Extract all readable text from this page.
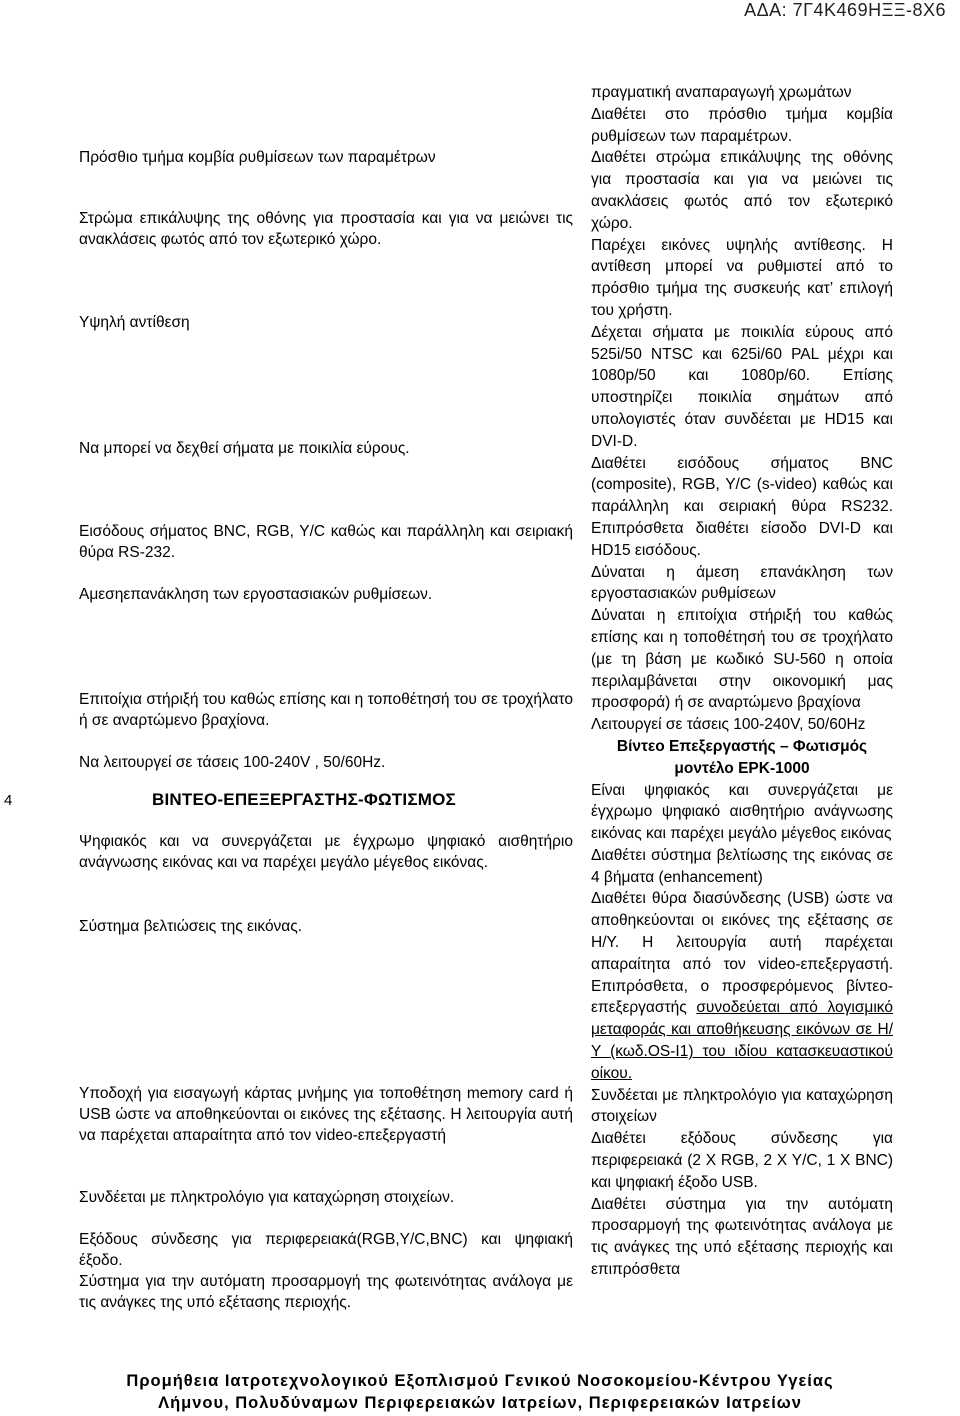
ΑΔΑ: 7Γ4Κ469ΗΞΞ-8Χ6
4
Πρόσθιο τμήμα κομβία ρυθμίσεων των παραμέτρων
Στρώμα επικάλυψης της οθόνης για προστασία και για να μειώνει τις ανακλάσεις φωτός από τον εξωτερικό χώρο.
Υψηλή αντίθεση
Να μπορεί να δεχθεί σήματα με ποικιλία εύρους.
Εισόδους σήματος BNC, RGB, Y/C καθώς και παράλληλη και σειριακή θύρα RS-232.
Αμεσηεπανάκληση των εργοστασιακών ρυθμίσεων.
Επιτοίχια στήριξή του καθώς επίσης και η τοποθέτησή του σε τροχήλατο ή σε αναρτώμενο βραχίονα.
Να λειτουργεί σε τάσεις 100-240V , 50/60Hz.
ΒΙΝΤΕΟ-ΕΠΕΞΕΡΓΑΣΤΗΣ-ΦΩΤΙΣΜΟΣ
Ψηφιακός και να συνεργάζεται με έγχρωμο ψηφιακό αισθητήριο ανάγνωσης εικόνας και να παρέχει μεγάλο μέγεθος εικόνας.
Σύστημα βελτιώσεις της εικόνας.
Υποδοχή για εισαγωγή κάρτας μνήμης για τοποθέτηση memory card ή USB ώστε να αποθηκεύονται οι εικόνες της εξέτασης. Η λειτουργία αυτή να παρέχεται απαραίτητα από τον video-επεξεργαστή
Συνδέεται με πληκτρολόγιο για καταχώρηση στοιχείων.
Εξόδους σύνδεσης για περιφερειακά(RGB,Y/C,BNC) και ψηφιακή έξοδο.
Σύστημα για την αυτόματη προσαρμογή της φωτεινότητας ανάλογα με τις ανάγκες της υπό εξέτασης περιοχής.

πραγματική αναπαραγωγή χρωμάτων

Διαθέτει στο πρόσθιο τμήμα κομβία ρυθμίσεων των παραμέτρων.

Διαθέτει στρώμα επικάλυψης της οθόνης για προστασία και για να μειώνει τις ανακλάσεις φωτός από τον εξωτερικό χώρο.

Παρέχει εικόνες υψηλής αντίθεσης. Η αντίθεση μπορεί να ρυθμιστεί από το πρόσθιο τμήμα της συσκευής κατ’ επιλογή του χρήστη.

Δέχεται σήματα με ποικιλία εύρους από 525i/50 NTSC και 625i/60 PAL μέχρι και 1080p/50 και 1080p/60. Επίσης υποστηρίζει ποικιλία σημάτων από υπολογιστές όταν συνδέεται με HD15 και DVI-D.

Διαθέτει εισόδους σήματος BNC (composite), RGB, Y/C (s-video) καθώς και παράλληλη και σειριακή θύρα RS232. Επιπρόσθετα διαθέτει είσοδο DVI-D και HD15 εισόδους.

Δύναται η άμεση επανάκληση των εργοστασιακών ρυθμίσεων

Δύναται η επιτοίχια στήριξή του καθώς επίσης και η τοποθέτησή του σε τροχήλατο (με τη βάση με κωδικό SU-560 η οποία περιλαμβάνεται στην οικονομική μας προσφορά) ή σε αναρτώμενο βραχίονα

Λειτουργεί σε τάσεις 100-240V, 50/60Hz

Βίντεο Επεξεργαστής – Φωτισμός

μοντέλο EPK-1000

Είναι ψηφιακός και συνεργάζεται με έγχρωμο ψηφιακό αισθητήριο ανάγνωσης εικόνας και παρέχει μεγάλο μέγεθος εικόνας

Διαθέτει σύστημα βελτίωσης της εικόνας σε 4 βήματα (enhancement)

Διαθέτει θύρα διασύνδεσης (USB) ώστε να αποθηκεύονται οι εικόνες της εξέτασης σε Η/Υ. Η λειτουργία αυτή παρέχεται απαραίτητα από τον video-επεξεργαστή. Επιπρόσθετα, ο προσφερόμενος βίντεο-επεξεργαστής συνοδεύεται από λογισμικό μεταφοράς και αποθήκευσης εικόνων σε Η/Υ (κωδ.OS-I1) του ιδίου κατασκευαστικού οίκου.

Συνδέεται με πληκτρολόγιο για καταχώρηση στοιχείων

Διαθέτει εξόδους σύνδεσης για περιφερειακά (2 X RGB, 2 X Y/C, 1 X BNC) και ψηφιακή έξοδο USB.

Διαθέτει σύστημα για την αυτόματη προσαρμογή της φωτεινότητας ανάλογα με τις ανάγκες της υπό εξέτασης περιοχής και επιπρόσθετα

Προμήθεια Ιατροτεχνολογικού Εξοπλισμού Γενικού Νοσοκομείου-Κέντρου Υγείας
Λήμνου, Πολυδύναμων Περιφερειακών Ιατρείων, Περιφερειακών Ιατρείων
